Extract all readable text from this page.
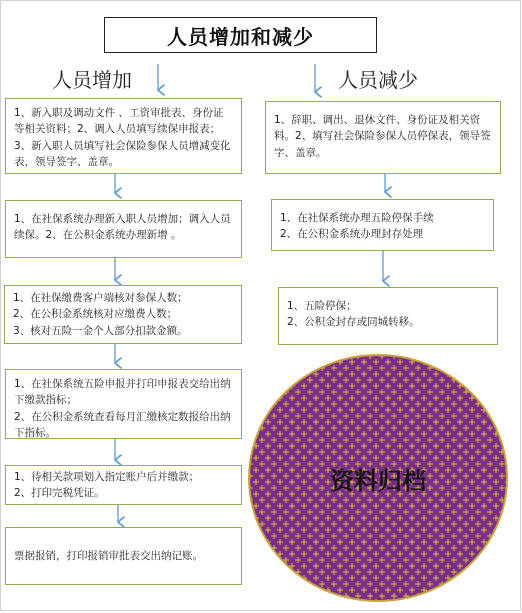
人员增加和减少
人员增加	人员减少

1、新入职及调动文件 、工资审批表、身份证等相关资料；2、调入人员填写续保申报表；

3、新入职人员填写社会保险参保人员增减变化表，领导签字、盖章。

1、在社保系统办理新入职人员增加；调入人员续保。2、在公积金系统办理新增 。

1、在社保缴费客户端核对参保人数；

2、在公积金系统核对应缴费人数；

3、核对五险一金个人部分扣款金额。

1、在社保系统五险申报并打印申报表交给出纳下缴款指标；

2、在公积金系统查看每月汇缴核定数报给出纳下指标。

1、待相关款项划入指定账户后并缴款；

2、打印完税凭证。

票据报销，打印报销审批表交出纳记账。

1、辞职、调出、退休文件、身份证及相关资料。2、填写社会保险参保人员停保表，领导签字、盖章。

1、在社保系统办理五险停保手续

2、在公积金系统办理封存处理

1、五险停保；

2、公积金封存或同城转移。

资料归档
